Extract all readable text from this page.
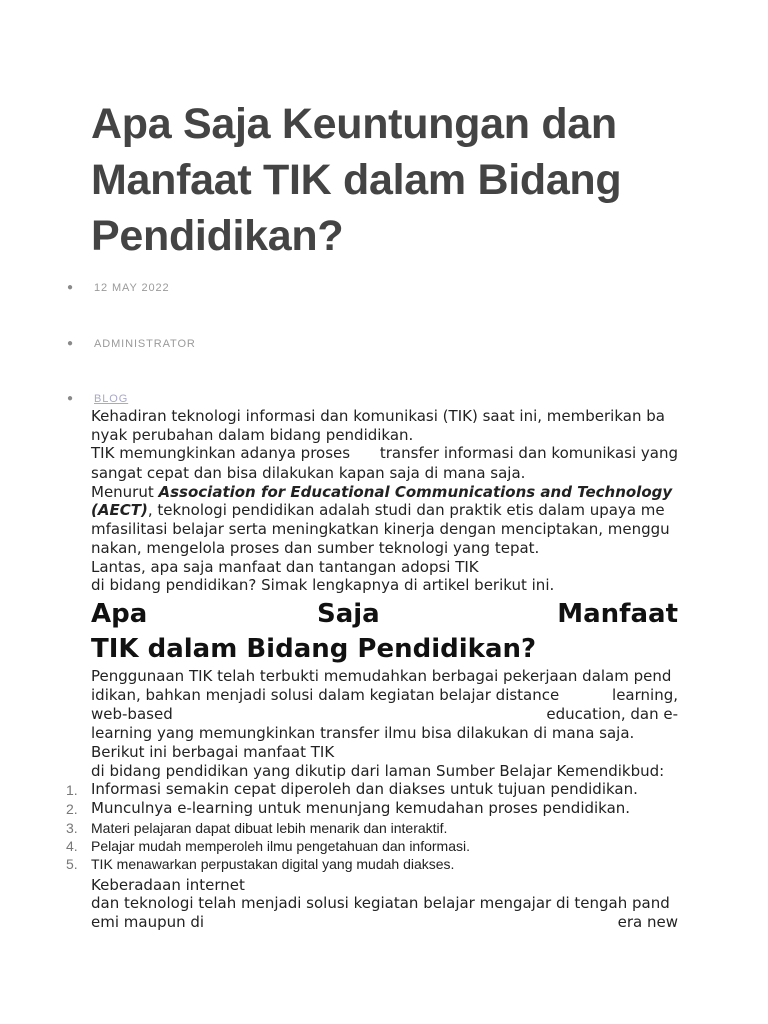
Apa Saja Keuntungan dan
Manfaat TIK dalam Bidang
Pendidikan?
● 12 MAY 2022
● ADMINISTRATOR
●	BLOG
Kehadiran teknologi informasi dan komunikasi (TIK) saat ini, memberikan ba
nyak perubahan dalam bidang pendidikan.
TIK memungkinkan adanya proses transfer informasi dan komunikasi yang
sangat cepat dan bisa dilakukan kapan saja di mana saja.
Menurut Association for Educational Communications and Technology
(AECT), teknologi pendidikan adalah studi dan praktik etis dalam upaya me
mfasilitasi belajar serta meningkatkan kinerja dengan menciptakan, menggu
nakan, mengelola proses dan sumber teknologi yang tepat.
Lantas, apa saja manfaat dan tantangan adopsi TIK
di bidang pendidikan? Simak lengkapnya di artikel berikut ini.
Apa	Saja	Manfaat
TIK dalam Bidang Pendidikan?
Penggunaan TIK telah terbukti memudahkan berbagai pekerjaan dalam pend
idikan, bahkan menjadi solusi dalam kegiatan belajar distance	learning,
web-based	education, dan e-
learning yang memungkinkan transfer ilmu bisa dilakukan di mana saja.
Berikut ini berbagai manfaat TIK
di bidang pendidikan yang dikutip dari laman Sumber Belajar Kemendikbud:
1. Informasi semakin cepat diperoleh dan diakses untuk tujuan pendidikan.
2. Munculnya e-learning untuk menunjang kemudahan proses pendidikan.
3. Materi pelajaran dapat dibuat lebih menarik dan interaktif.
4. Pelajar mudah memperoleh ilmu pengetahuan dan informasi.
5. TIK menawarkan perpustakan digital yang mudah diakses.
Keberadaan internet
dan teknologi telah menjadi solusi kegiatan belajar mengajar di tengah pand
emi maupun di	era new
